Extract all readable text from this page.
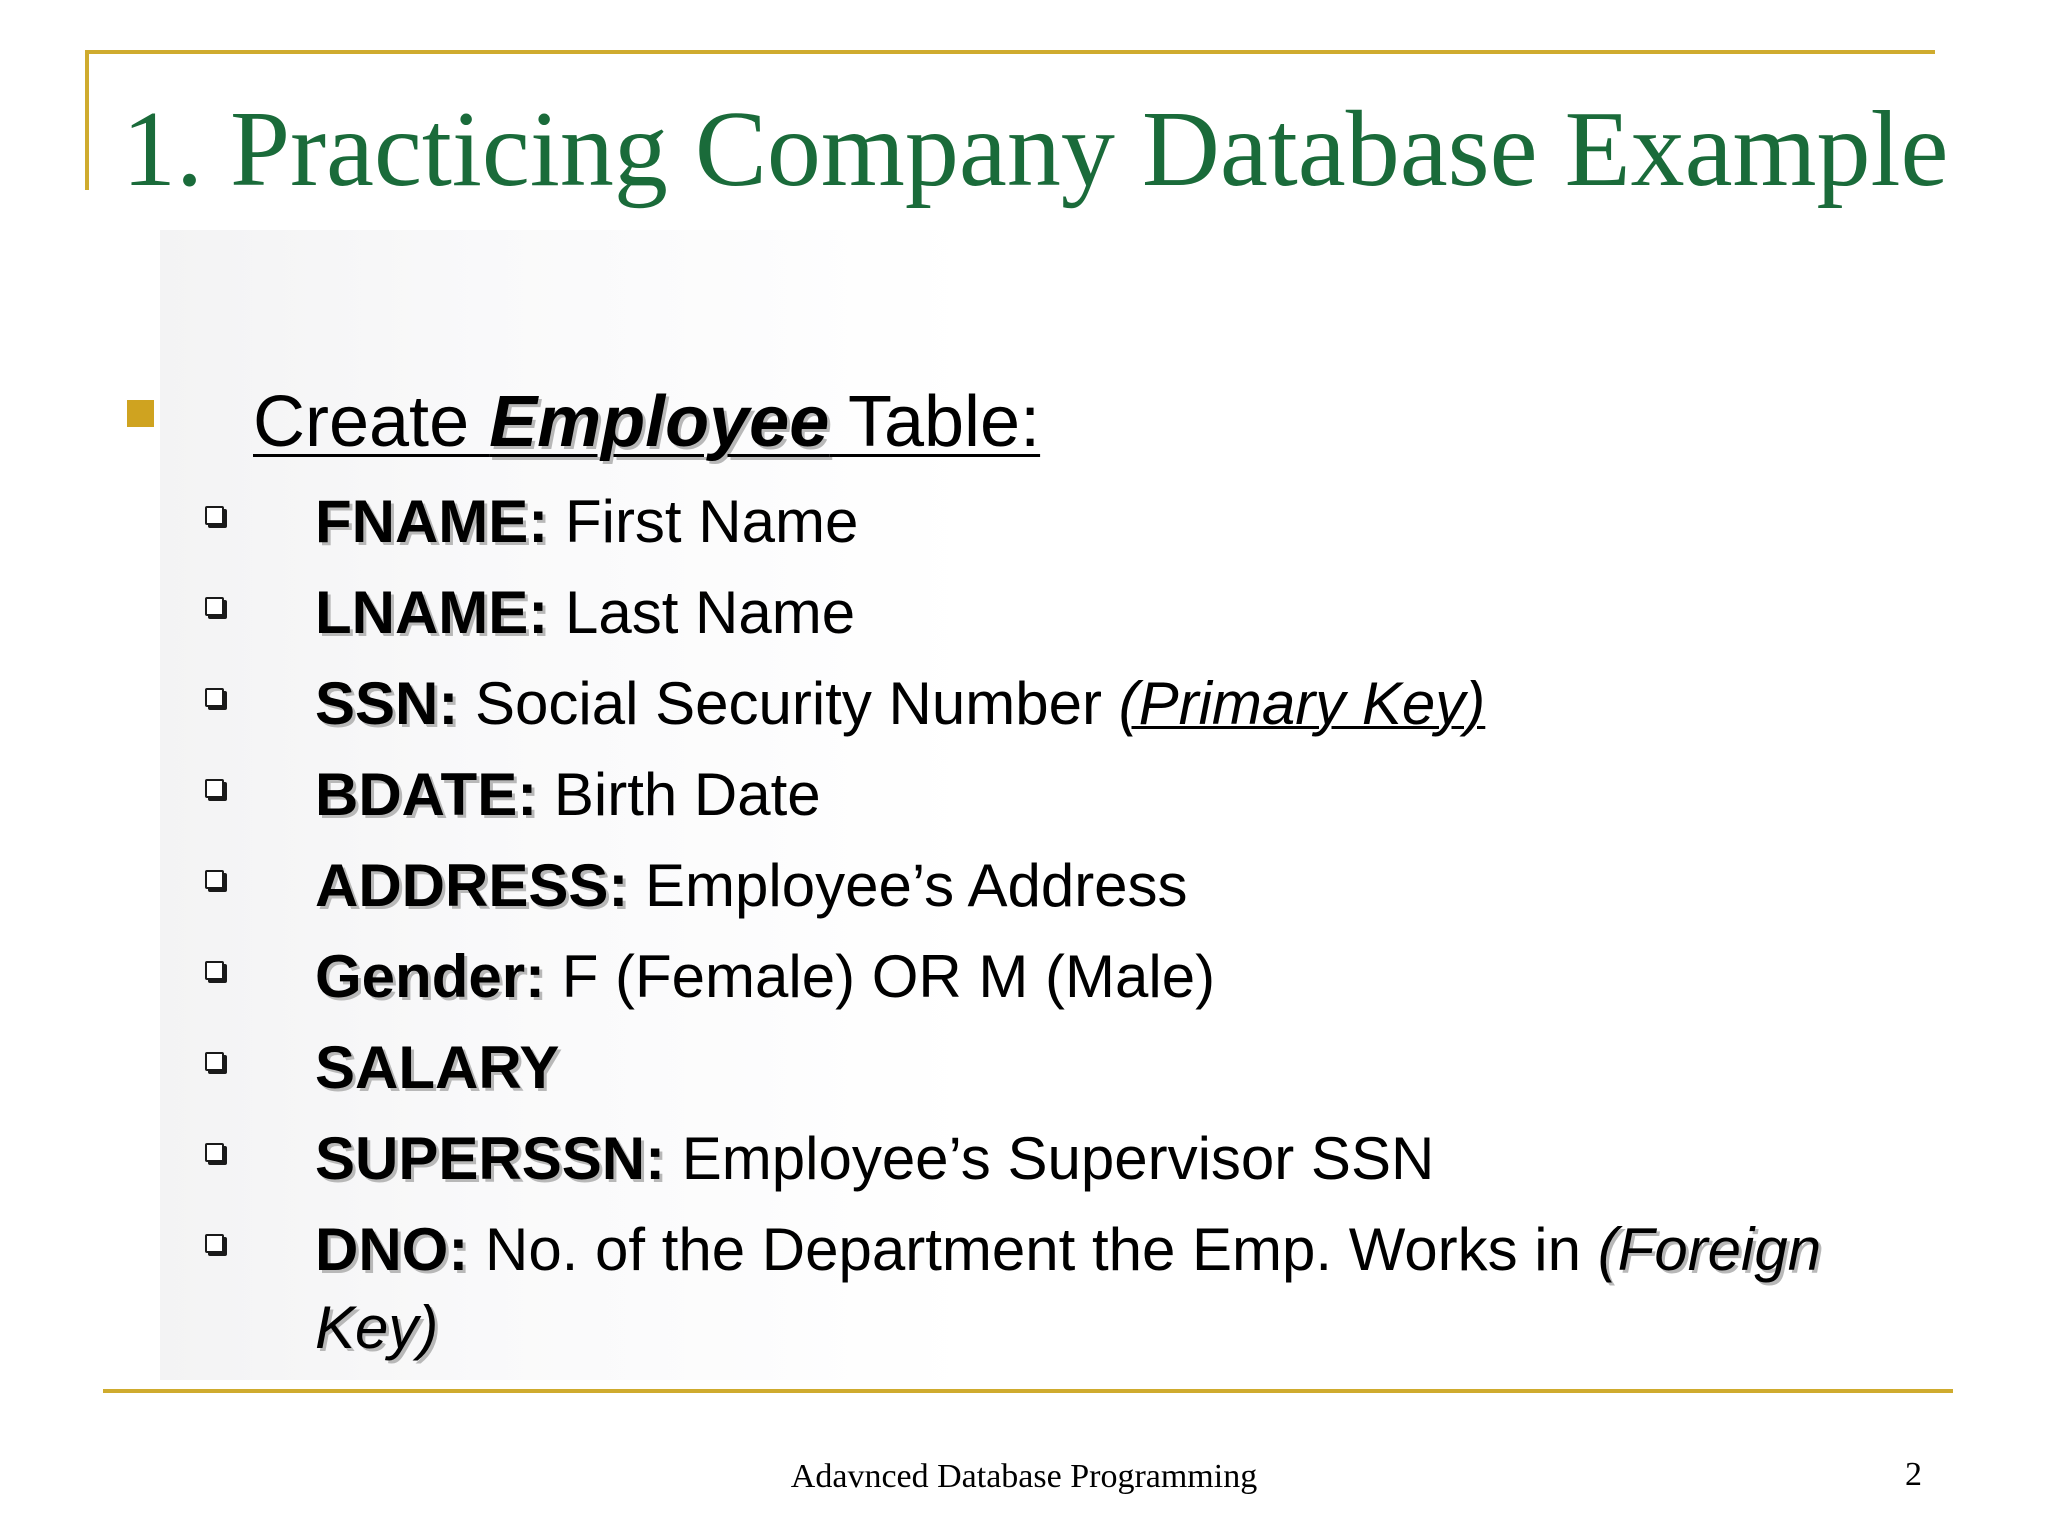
1. Practicing Company Database Example
Create Employee Table:
FNAME: First Name
LNAME: Last Name
SSN: Social Security Number (Primary Key)
BDATE: Birth Date
ADDRESS: Employee’s Address
Gender: F (Female) OR M (Male)
SALARY
SUPERSSN: Employee’s Supervisor SSN
DNO: No. of the Department the Emp. Works in (Foreign
Key)
Adavnced Database Programming	2
